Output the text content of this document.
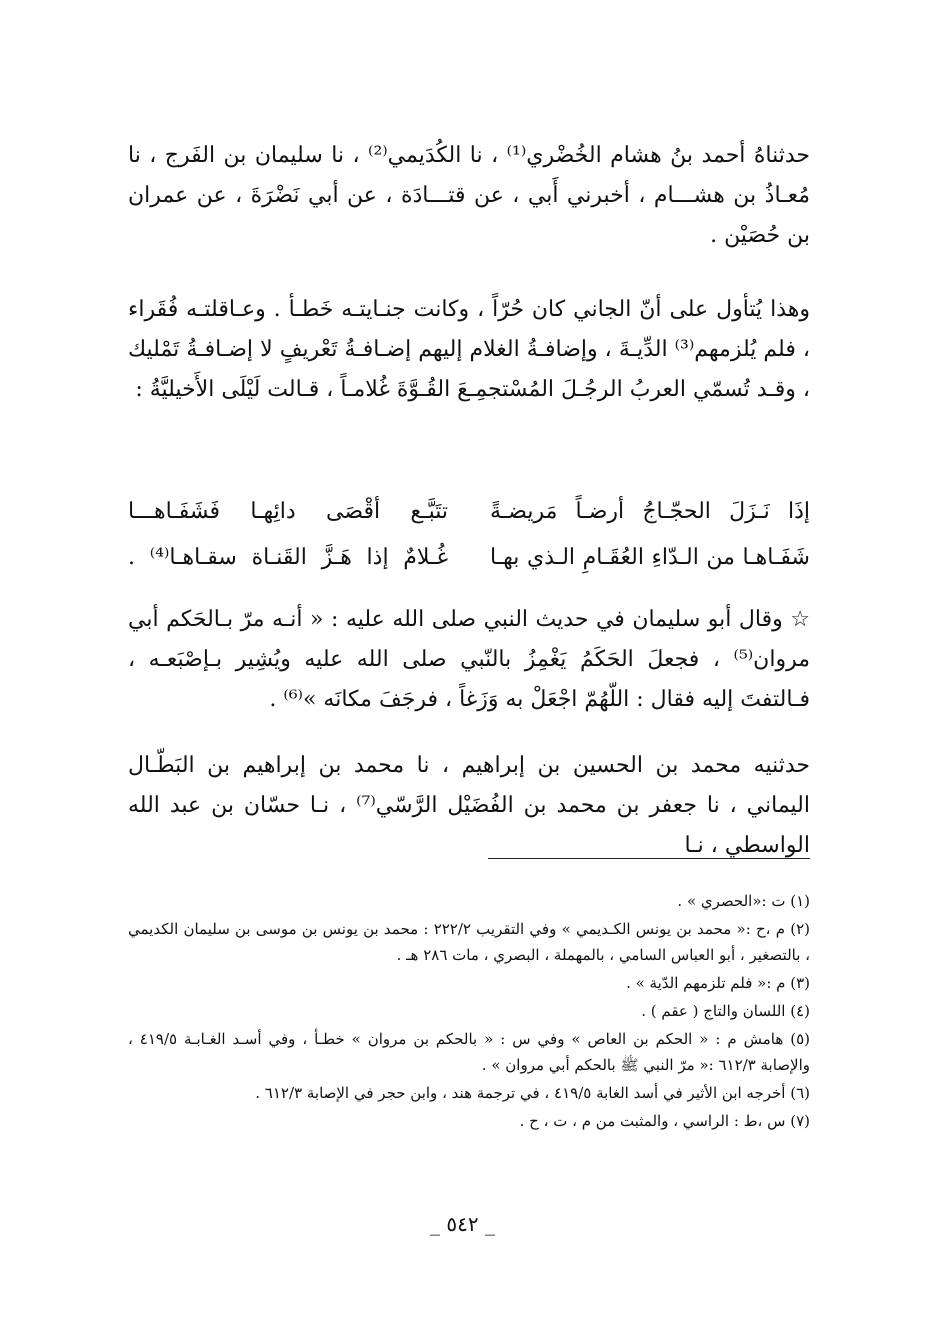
حدثناهُ أحمد بنُ هشام الخُضْري⁽¹⁾ ، نا الكُدَيمي⁽²⁾ ، نا سليمان بن الفَرج ، نا مُعـاذُ بن هشـــام ، أخبرني أَبي ، عن قتـــادَة ، عن أبي نَضْرَةَ ، عن عمران بن حُصَيْن .

وهذا يُتأول على أنّ الجاني كان حُرّاً ، وكانت جنـايتـه خَطـأ . وعـاقلتـه فُقَراء ، فلم يُلزمهم⁽³⁾ الدِّيـةَ ، وإضافـةُ الغلام إليهم إضـافـةُ تَعْريفٍ لا إضـافـةُ تَمْليك ، وقـد تُسمّي العربُ الرجُـلَ المُسْتجمِـعَ القُـوَّةَ غُلامـاً ، قـالت لَيْلَى الأَخيليَّةُ :

إذَا نَـزَلَ الحجّـاجُ أرضـاً مَريضـةً
تتَبَّـع أقْصَى دائِهـا فَشَفَـاهـــا
شَفَـاهـا من الـدّاءِ العُقَـامِ الـذي بهـا
غُـلامٌ إذا هَـزَّ القَنـاة سقـاهـا⁽⁴⁾ .

☆ وقال أبو سليمان في حديث النبي صلى الله عليه : « أنـه مرّ بـالحَكم أبي مروان⁽⁵⁾ ، فجعلَ الحَكَمُ يَغْمِزُ بالنّبي صلى الله عليه ويُشِير بـإصْبَعـه ، فـالتفتَ إليه فقال : اللّهُمّ اجْعَلْ به وَزَغاً ، فرجَفَ مكانَه »⁽⁶⁾ .

حدثنيه محمد بن الحسين بن إبراهيم ، نا محمد بن إبراهيم بن البَطّـال اليماني ، نا جعفر بن محمد بن الفُضَيْل الرَّسّي⁽⁷⁾ ، نـا حسّان بن عبد الله الواسطي ، نـا

(١) ت :«الحصري » .

(٢) م ،ح :« محمد بن يونس الكـديمي » وفي التقريب ٢٢٢/٢ : محمد بن يونس بن موسى بن سليمان الكديمي ، بالتصغير ، أبو العباس السامي ، بالمهملة ، البصري ، مات ٢٨٦ هـ .

(٣) م :« فلم تلزمهم الدّية » .

(٤) اللسان والتاج ( عقم ) .

(٥) هامش م : « الحكم بن العاص » وفي س : « بالحكم بن مروان » خطـأ ، وفي أسـد الغـابـة ٤١٩/٥ ، والإصابة ٦١٢/٣ :« مرّ النبي ﷺ بالحكم أبي مروان » .

(٦) أخرجه ابن الأثير في أسد الغابة ٤١٩/٥ ، في ترجمة هند ، وابن حجر في الإصابة ٦١٢/٣ .

(٧) س ،ط : الراسي ، والمثبت من م ، ت ، ح .

_ ٥٤٢ _
